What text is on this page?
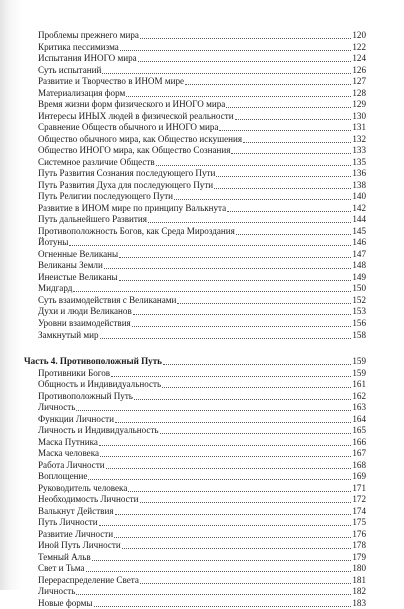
Проблемы прежнего мира	120
Критика пессимизма	122
Испытания ИНОГО мира	124
Суть испытаний	126
Развитие и Творчество в ИНОМ мире	127
Материализация форм	128
Время жизни форм физического и ИНОГО мира	129
Интересы ИНЫХ людей в физической реальности	130
Сравнение Обществ обычного и ИНОГО мира	131
Общество обычного мира, как Общество искушения	132
Общество ИНОГО мира, как Общество Сознания	133
Системное различие Обществ	135
Путь Развития Сознания последующего Пути	136
Путь Развития Духа для последующего Пути	138
Путь Религии последующего Пути	140
Развитие в ИНОМ мире по принципу Валькнута	142
Путь дальнейшего Развития	144
Противоположность Богов, как Среда Мироздания	145
Йотуны	146
Огненные Великаны	147
Великаны Земли	148
Инеистые Великаны	149
Мидгард	150
Суть взаимодействия с Великанами	152
Духи и люди Великанов	153
Уровни взаимодействия	156
Замкнутый мир	158
Часть 4. Противоположный Путь	159
Противники Богов	159
Общность и Индивидуальность	161
Противоположный Путь	162
Личность	163
Функции Личности	164
Личность и Индивидуальность	165
Маска Путника	166
Маска человека	167
Работа Личности	168
Воплощение	169
Руководитель человека	171
Необходимость Личности	172
Валькнут Действия	174
Путь Личности	175
Развитие Личности	176
Иной Путь Личности	178
Темный Альв	179
Свет и Тьма	180
Перераспределение Света	181
Личность	182
Новые формы	183
